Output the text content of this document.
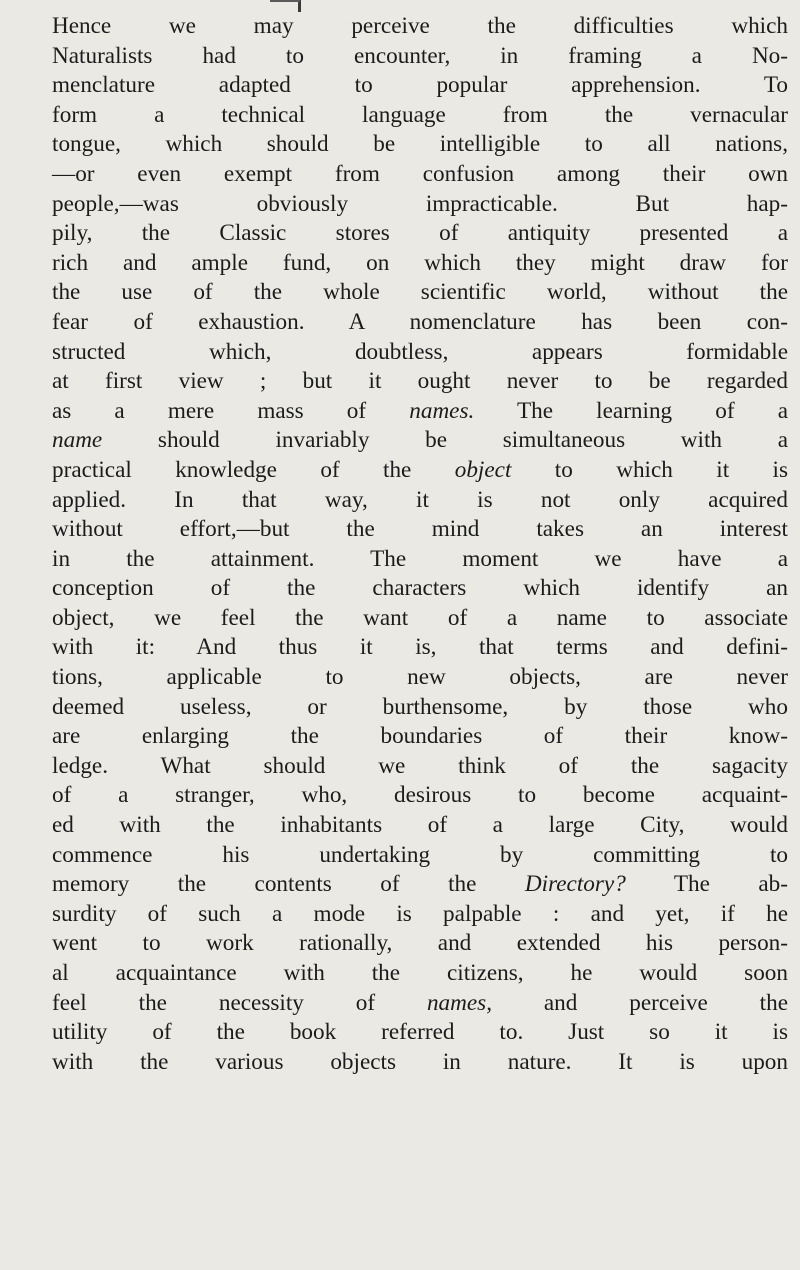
Hence we may perceive the difficulties which
Naturalists had to encounter, in framing a No-
menclature adapted to popular apprehension. To
form a technical language from the vernacular
tongue, which should be intelligible to all nations,
—or even exempt from confusion among their own
people,—was obviously impracticable. But hap-
pily, the Classic stores of antiquity presented a
rich and ample fund, on which they might draw for
the use of the whole scientific world, without the
fear of exhaustion. A nomenclature has been con-
structed which, doubtless, appears formidable
at first view ; but it ought never to be regarded
as a mere mass of names. The learning of a
name should invariably be simultaneous with a
practical knowledge of the object to which it is
applied. In that way, it is not only acquired
without effort,—but the mind takes an interest
in the attainment. The moment we have a
conception of the characters which identify an
object, we feel the want of a name to associate
with it: And thus it is, that terms and defini-
tions, applicable to new objects, are never
deemed useless, or burthensome, by those who
are enlarging the boundaries of their know-
ledge. What should we think of the sagacity
of a stranger, who, desirous to become acquaint-
ed with the inhabitants of a large City, would
commence his undertaking by committing to
memory the contents of the Directory? The ab-
surdity of such a mode is palpable : and yet, if he
went to work rationally, and extended his person-
al acquaintance with the citizens, he would soon
feel the necessity of names, and perceive the
utility of the book referred to. Just so it is
with the various objects in nature. It is upon
